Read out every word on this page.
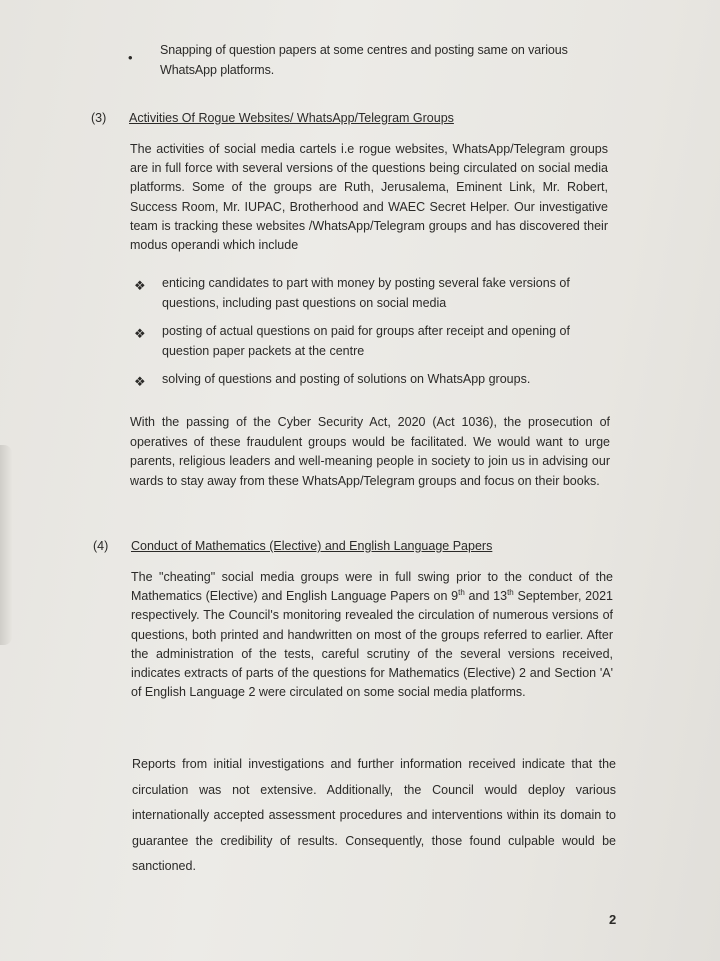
• Snapping of question papers at some centres and posting same on various WhatsApp platforms.
(3) Activities Of Rogue Websites/ WhatsApp/Telegram Groups
The activities of social media cartels i.e rogue websites, WhatsApp/Telegram groups are in full force with several versions of the questions being circulated on social media platforms. Some of the groups are Ruth, Jerusalema, Eminent Link, Mr. Robert, Success Room, Mr. IUPAC, Brotherhood and WAEC Secret Helper. Our investigative team is tracking these websites /WhatsApp/Telegram groups and has discovered their modus operandi which include
❖ enticing candidates to part with money by posting several fake versions of questions, including past questions on social media
❖ posting of actual questions on paid for groups after receipt and opening of question paper packets at the centre
❖ solving of questions and posting of solutions on WhatsApp groups.
With the passing of the Cyber Security Act, 2020 (Act 1036), the prosecution of operatives of these fraudulent groups would be facilitated. We would want to urge parents, religious leaders and well-meaning people in society to join us in advising our wards to stay away from these WhatsApp/Telegram groups and focus on their books.
(4) Conduct of Mathematics (Elective) and English Language Papers
The "cheating" social media groups were in full swing prior to the conduct of the Mathematics (Elective) and English Language Papers on 9th and 13th September, 2021 respectively. The Council's monitoring revealed the circulation of numerous versions of questions, both printed and handwritten on most of the groups referred to earlier. After the administration of the tests, careful scrutiny of the several versions received, indicates extracts of parts of the questions for Mathematics (Elective) 2 and Section 'A' of English Language 2 were circulated on some social media platforms.
Reports from initial investigations and further information received indicate that the circulation was not extensive. Additionally, the Council would deploy various internationally accepted assessment procedures and interventions within its domain to guarantee the credibility of results. Consequently, those found culpable would be sanctioned.
2
